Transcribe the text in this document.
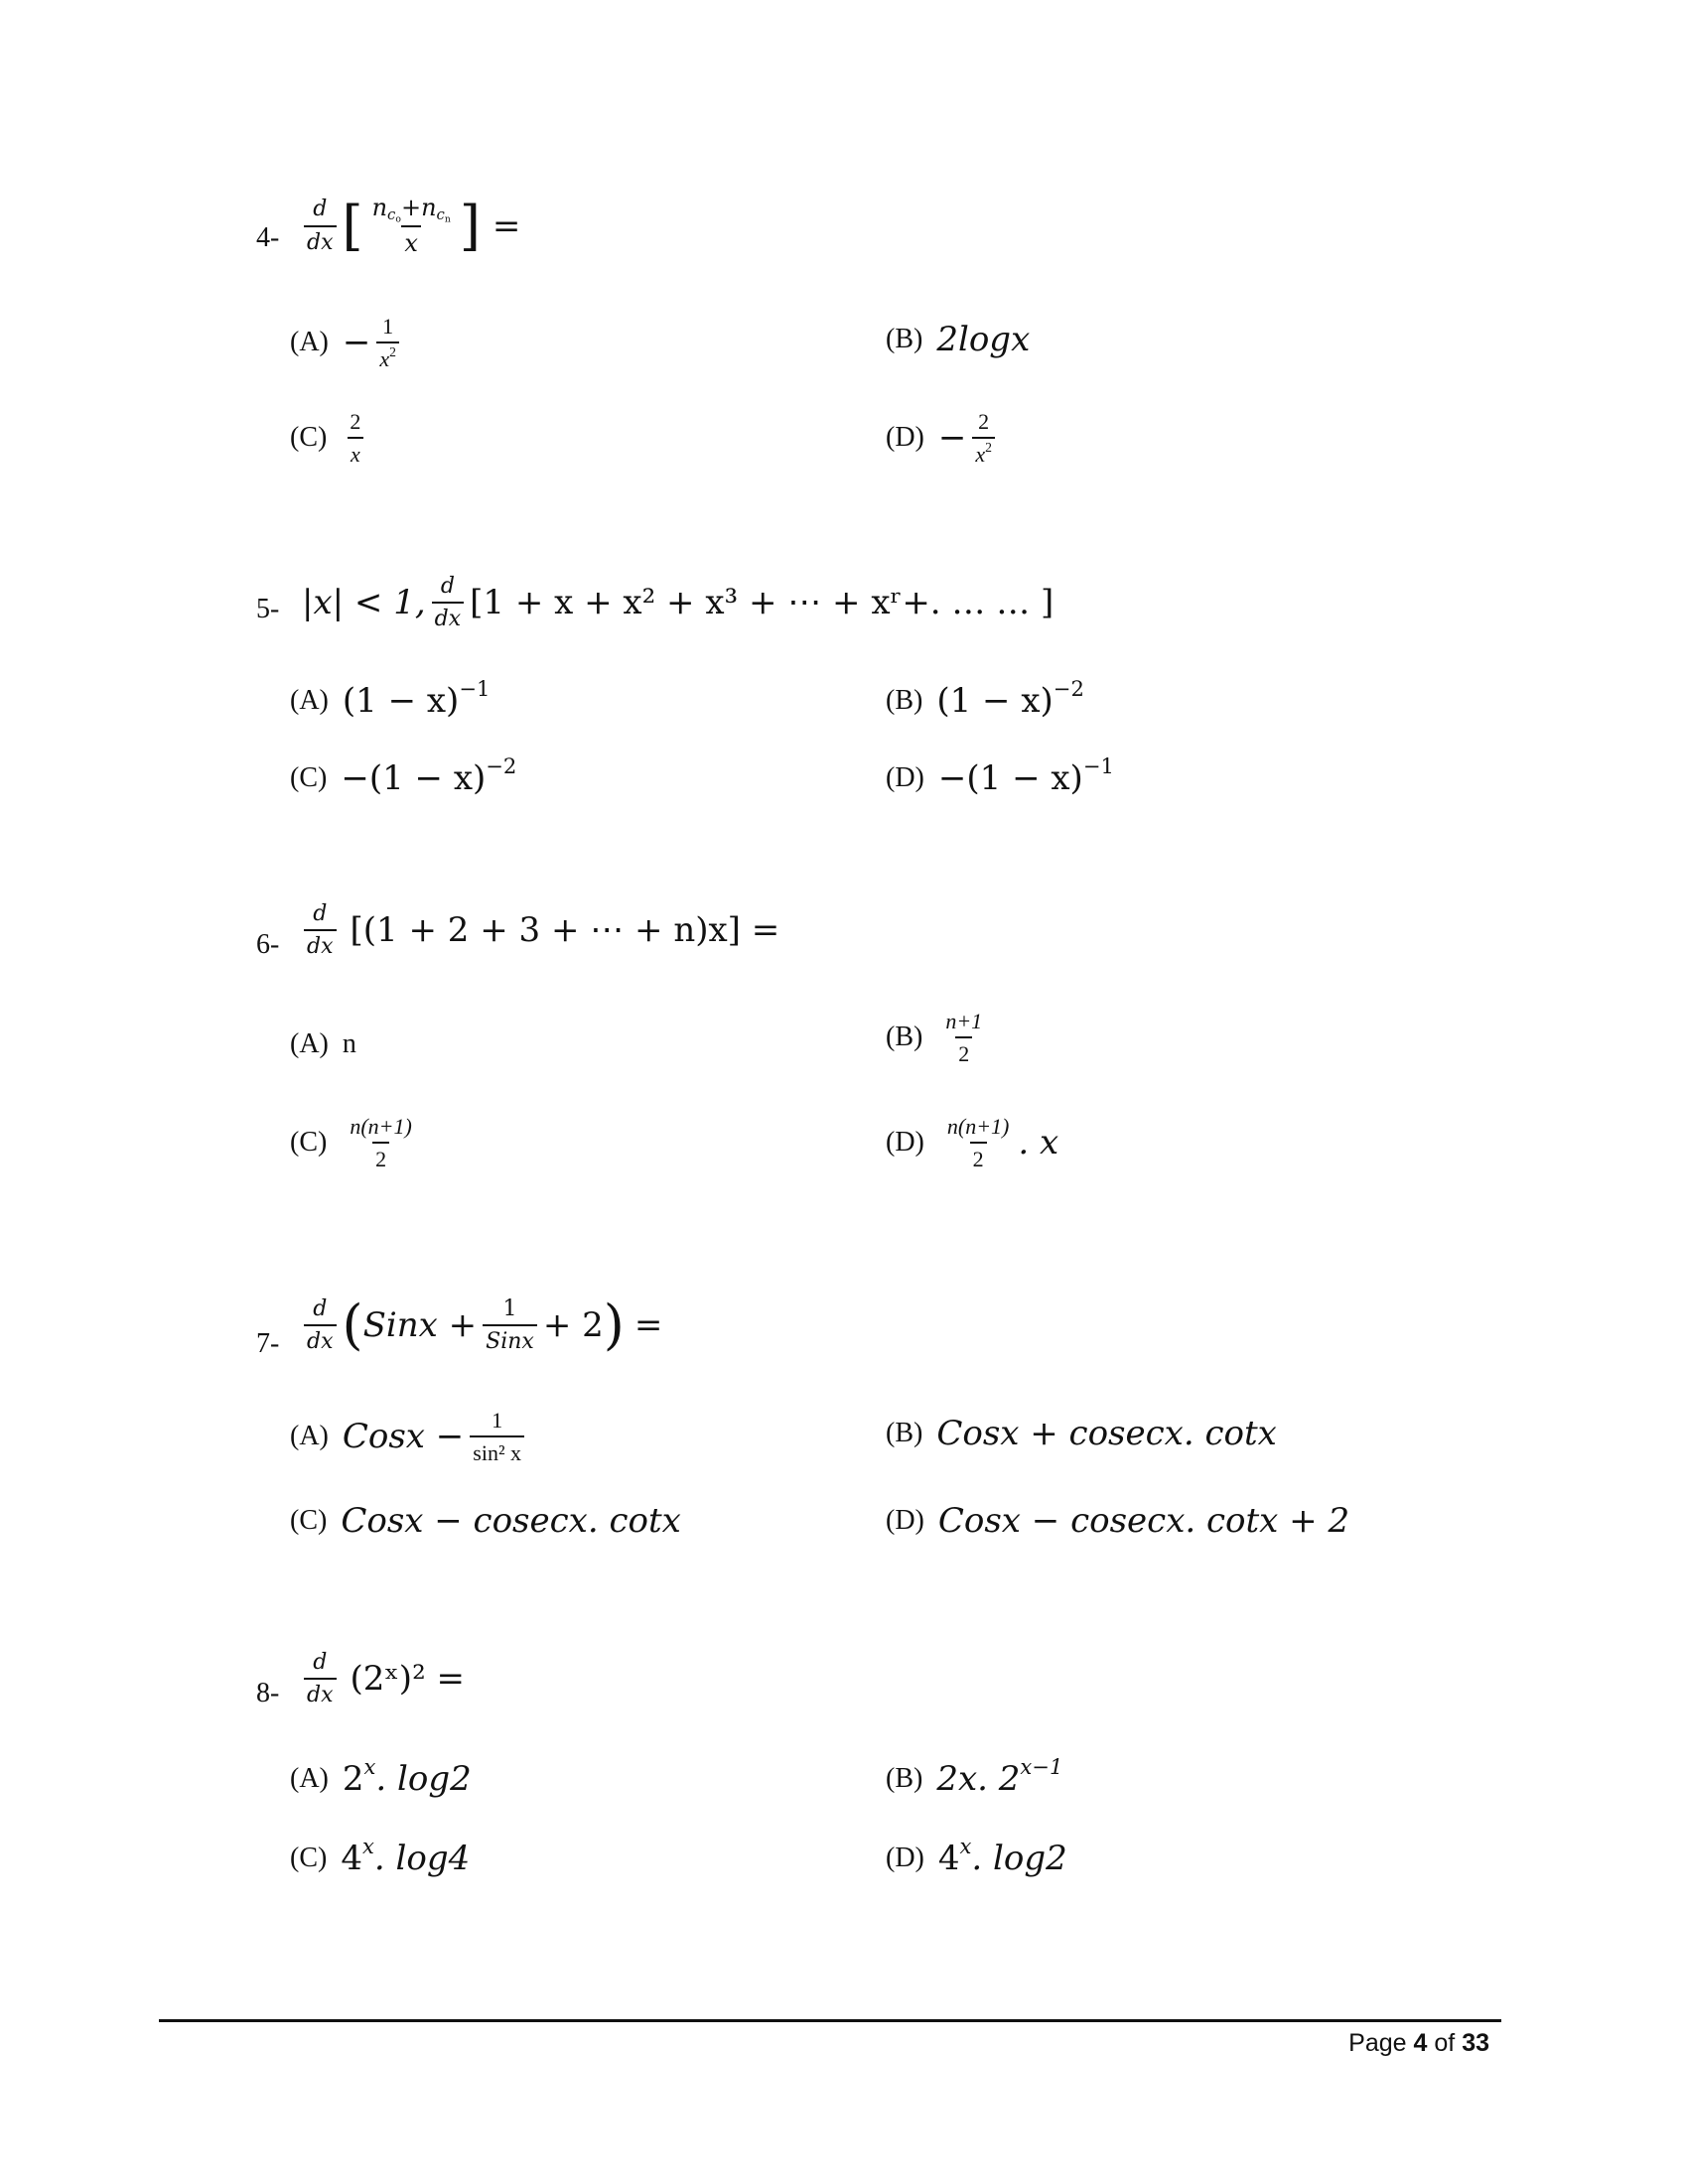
$4- \frac{d}{dx}$ [ $\frac{n_{c_o}+n_{c_n}}{x}$ ] =
$(A) - \frac{1}{x^2}$	(B) 2logx
$(C) \frac{2}{x}$	$(D) - \frac{2}{x^2}$
5- |x| < 1, $\frac{d}{dx} [1 + x + x^2 + x^3$ + ⋯ + xʳ+. … … ]
(A) $(1 - x)^{-1}$	(B) $(1 - x)^{-2}$
$(C) -(1 - x)^{-2}$	$(D) -(1 - x)^{-1}$
$6- \frac{d}{dx} [(1 + 2 + 3$ + ⋯ + n)x] =
(A) n	$(B) \frac{n+1}{2}$
$(C) \frac{n(n+1)}{2}$	$(D) \frac{n(n+1)}{2}$ . x
$7- \frac{d}{dx}$ ( Sinx + $\frac{1}{\text{Sinx}} + 2$ ) =
(A) Cosx − $\frac{1}{\text{sin² x}}$	(B) Cosx + cosecx. cotx
(C) Cosx − cosecx. cotx	(D) Cosx − cosecx. cotx + 2
$8- \frac{d}{dx}$ (2ˣ)² =
(A) 2$^x$. log2	(B) 2x. $2^{x-1}$
(C) 4$^x$. log4	(D) 4$^x$. log2
Page 4 of 33
